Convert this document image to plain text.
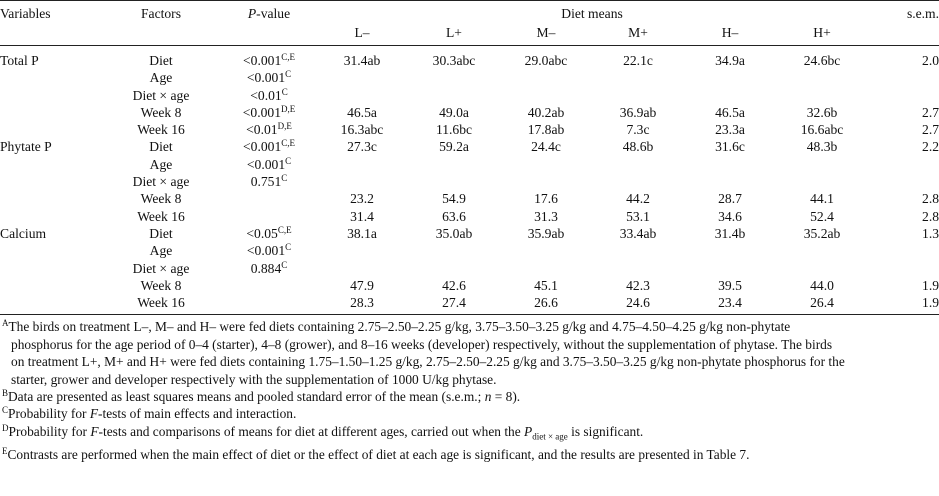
Variables	Factors	P-value	Diet means						s.e.m.
			L–	L+	M–	M+	H–	H+	
Total P	Diet	$<0.001^{C,E}$	31.4ab	30.3abc	29.0abc	22.1c	34.9a	24.6bc	2.0
	Age	$<0.001^C$							
	Diet × age	$<0.01^C$							
	Week 8	$<0.001^{D,E}$	46.5a	49.0a	40.2ab	36.9ab	46.5a	32.6b	2.7
	Week 16	$<0.01^{D,E}$	16.3abc	11.6bc	17.8ab	7.3c	23.3a	16.6abc	2.7
Phytate P	Diet	$<0.001^{C,E}$	27.3c	59.2a	24.4c	48.6b	31.6c	48.3b	2.2
	Age	$<0.001^C$							
	Diet × age	$0.751^C$							
	Week 8		23.2	54.9	17.6	44.2	28.7	44.1	2.8
	Week 16		31.4	63.6	31.3	53.1	34.6	52.4	2.8
Calcium	Diet	$<0.05^{C,E}$	38.1a	35.0ab	35.9ab	33.4ab	31.4b	35.2ab	1.3
	Age	$<0.001^C$							
	Diet × age	$0.884^C$							
	Week 8		47.9	42.6	45.1	42.3	39.5	44.0	1.9
	Week 16		28.3	27.4	26.6	24.6	23.4	26.4	1.9

$^A$The birds on treatment L–, M– and H– were fed diets containing 2.75–2.50–2.25 g/kg, 3.75–3.50–3.25 g/kg and 4.75–4.50–4.25 g/kg non-phytate
phosphorus for the age period of 0–4 (starter), 4–8 (grower), and 8–16 weeks (developer) respectively, without the supplementation of phytase. The birds
on treatment L+, M+ and H+ were fed diets containing 1.75–1.50–1.25 g/kg, 2.75–2.50–2.25 g/kg and 3.75–3.50–3.25 g/kg non-phytate phosphorus for the
starter, grower and developer respectively with the supplementation of 1000 U/kg phytase.

$^B$Data are presented as least squares means and pooled standard error of the mean (s.e.m.; n = 8).

$^C$Probability for F-tests of main effects and interaction.

$^D$Probability for F-tests and comparisons of means for diet at different ages, carried out when the $P_{diet \times age}$ is significant.

$^E$Contrasts are performed when the main effect of diet or the effect of diet at each age is significant, and the results are presented in Table 7.
